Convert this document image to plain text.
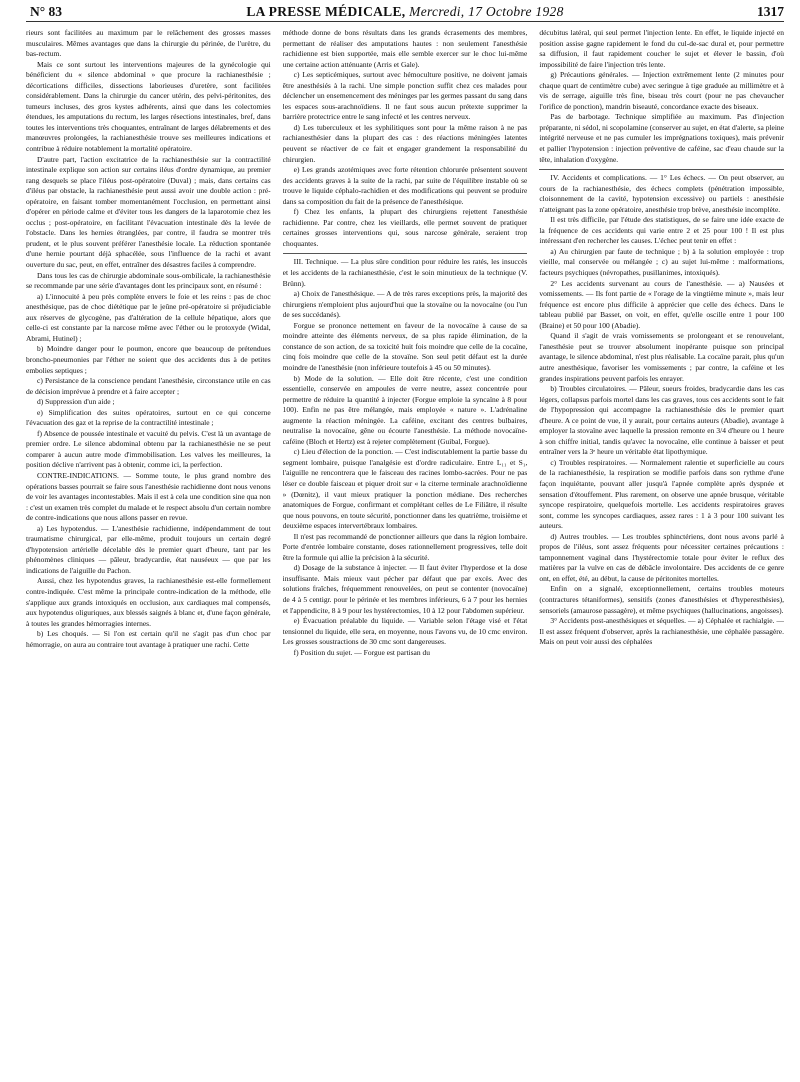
N° 83	LA PRESSE MÉDICALE, Mercredi, 17 Octobre 1928	1317

rieurs sont facilitées au maximum par le relâchement des grosses masses musculaires. Mêmes avantages que dans la chirurgie du périnée, de l'urètre, du bas-rectum.

Mais ce sont surtout les interventions majeures de la gynécologie qui bénéficient du « silence abdominal » que procure la rachianesthésie ; décortications difficiles, dissections laborieuses d'uretère, sont facilitées considérablement. Dans la chirurgie du cancer utérin, des pelvi-péritonites, des tumeurs incluses, des gros kystes adhérents, ainsi que dans les colectomies étendues, les amputations du rectum, les larges résections intestinales, bref, dans toutes les interventions très choquantes, entraînant de larges délabrements et des manœuvres prolongées, la rachianesthésie trouve ses meilleures indications et contribue à réduire notablement la mortalité opératoire.

D'autre part, l'action excitatrice de la rachianesthésie sur la contractilité intestinale explique son action sur certains iléus d'ordre dynamique, au premier rang desquels se place l'iléus post-opératoire (Duval) ; mais, dans certains cas d'iléus par obstacle, la rachianesthésie peut aussi avoir une double action : pré-opératoire, en faisant tomber momentanément l'occlusion, en permettant ainsi d'opérer en période calme et d'éviter tous les dangers de la laparotomie chez les occlus ; post-opératoire, en facilitant l'évacuation intestinale dès la levée de l'obstacle. Dans les hernies étranglées, par contre, il faudra se montrer très prudent, et le plus souvent préférer l'anesthésie locale. La réduction spontanée d'une hernie pourtant déjà sphacélée, sous l'influence de la rachi et avant ouverture du sac, peut, en effet, entraîner des désastres faciles à comprendre.

Dans tous les cas de chirurgie abdominale sous-ombilicale, la rachianesthésie se recommande par une série d'avantages dont les principaux sont, en résumé :

a) L'innocuité à peu près complète envers le foie et les reins : pas de choc anesthésique, pas de choc diététique par le jeûne pré-opératoire si préjudiciable aux réserves de glycogène, pas d'altération de la cellule hépatique, alors que celle-ci est constante par la narcose même avec l'éther ou le protoxyde (Widal, Abrami, Hutinel) ;

b) Moindre danger pour le poumon, encore que beaucoup de prétendues broncho-pneumonies par l'éther ne soient que des accidents dus à de petites embolies septiques ;

c) Persistance de la conscience pendant l'anesthésie, circonstance utile en cas de décision imprévue à prendre et à faire accepter ;

d) Suppression d'un aide ;

e) Simplification des suites opératoires, surtout en ce qui concerne l'évacuation des gaz et la reprise de la contractilité intestinale ;

f) Absence de poussée intestinale et vacuité du pelvis. C'est là un avantage de premier ordre. Le silence abdominal obtenu par la rachianesthésie ne se peut comparer à aucun autre mode d'immobilisation. Les valves les meilleures, la position déclive n'arrivent pas à obtenir, comme ici, la perfection.

CONTRE-INDICATIONS. — Somme toute, le plus grand nombre des opérations basses pourrait se faire sous l'anesthésie rachidienne dont nous venons de voir les avantages incontestables. Mais il est à cela une condition sine qua non : c'est un examen très complet du malade et le respect absolu d'un certain nombre de contre-indications que nous allons passer en revue.

a) Les hypotendus. — L'anesthésie rachidienne, indépendamment de tout traumatisme chirurgical, par elle-même, produit toujours un certain degré d'hypotension artérielle décelable dès le premier quart d'heure, tant par les phénomènes cliniques — pâleur, bradycardie, état nauséeux — que par les indications de l'aiguille du Pachon.

Aussi, chez les hypotendus graves, la rachianesthésie est-elle formellement contre-indiquée. C'est même la principale contre-indication de la méthode, elle s'applique aux grands intoxiqués en occlusion, aux cardiaques mal compensés, aux hypotendus oliguriques, aux blessés saignés à blanc et, d'une façon générale, à toutes les grandes hémorragies internes.

b) Les choqués. — Si l'on est certain qu'il ne s'agit pas d'un choc par hémorragie, on aura au contraire tout avantage à pratiquer une rachi. Cette

méthode donne de bons résultats dans les grands écrasements des membres, permettant de réaliser des amputations hautes : non seulement l'anesthésie rachidienne est bien supportée, mais elle semble exercer sur le choc lui-même une certaine action atténuante (Arris et Gale).

c) Les septicémiques, surtout avec hémoculture positive, ne doivent jamais être anesthésiés à la rachi. Une simple ponction suffit chez ces malades pour déclencher un ensemencement des méninges par les germes passant du sang dans les espaces sous-arachnoïdiens. Il ne faut sous aucun prétexte supprimer la barrière protectrice entre le sang infecté et les centres nerveux.

d) Les tuberculeux et les syphilitiques sont pour la même raison à ne pas rachianesthésier dans la plupart des cas : des réactions méningées latentes peuvent se réactiver de ce fait et engager grandement la responsabilité du chirurgien.

e) Les grands azotémiques avec forte rétention chlorurée présentent souvent des accidents graves à la suite de la rachi, par suite de l'équilibre instable où se trouve le liquide céphalo-rachidien et des modifications qui peuvent se produire dans sa composition du fait de la présence de l'anesthésique.

f) Chez les enfants, la plupart des chirurgiens rejettent l'anesthésie rachidienne. Par contre, chez les vieillards, elle permet souvent de pratiquer certaines grosses interventions qui, sous narcose générale, seraient trop choquantes.

III. Technique. — La plus sûre condition pour réduire les ratés, les insuccès et les accidents de la rachianesthésie, c'est le soin minutieux de la technique (V. Brünn).

a) Choix de l'anesthésique. — A de très rares exceptions près, la majorité des chirurgiens n'emploient plus aujourd'hui que la stovaïne ou la novocaïne (ou l'un de ses succédanés).

Forgue se prononce nettement en faveur de la novocaïne à cause de sa moindre atteinte des éléments nerveux, de sa plus rapide élimination, de la constance de son action, de sa toxicité huit fois moindre que celle de la cocaïne, cinq fois moindre que celle de la stovaïne. Son seul petit défaut est la durée moindre de l'anesthésie (non inférieure toutefois à 45 ou 50 minutes).

b) Mode de la solution. — Elle doit être récente, c'est une condition essentielle, conservée en ampoules de verre neutre, assez concentrée pour permettre de réduire la quantité à injecter (Forgue emploie la syncaïne à 8 pour 100). Enfin ne pas être mélangée, mais employée « nature ». L'adrénaline augmente la réaction méningée. La caféine, excitant des centres bulbaires, neutralise la novocaïne, gêne ou écourte l'anesthésie. La méthode novocaïne-caféine (Bloch et Hertz) est à rejeter complètement (Guibal, Forgue).

c) Lieu d'élection de la ponction. — C'est indiscutablement la partie basse du segment lombaire, puisque l'analgésie est d'ordre radiculaire. Entre L₁₁ et S₁, l'aiguille ne rencontrera que le faisceau des racines lombo-sacrées. Pour ne pas léser ce double faisceau et piquer droit sur « la citerne terminale arachnoïdienne » (Dœnitz), il vaut mieux pratiquer la ponction médiane. Des recherches anatomiques de Forgue, confirmant et complétant celles de Le Filiâtre, il résulte que nous pouvons, en toute sécurité, ponctionner dans les quatrième, troisième et deuxième espaces intervertébraux lombaires.

Il n'est pas recommandé de ponctionner ailleurs que dans la région lombaire. Porte d'entrée lombaire constante, doses rationnellement progressives, telle doit être la formule qui allie la précision à la sécurité.

d) Dosage de la substance à injecter. — Il faut éviter l'hyperdose et la dose insuffisante. Mais mieux vaut pécher par défaut que par excès. Avec des solutions fraîches, fréquemment renouvelées, on peut se contenter (novocaïne) de 4 à 5 centigr. pour le périnée et les membres inférieurs, 6 à 7 pour les hernies et l'appendicite, 8 à 9 pour les hystérectomies, 10 à 12 pour l'abdomen supérieur.

e) Évacuation préalable du liquide. — Variable selon l'étage visé et l'état tensionnel du liquide, elle sera, en moyenne, nous l'avons vu, de 10 cmc environ. Les grosses soustractions de 30 cmc sont dangereuses.

f) Position du sujet. — Forgue est partisan du

décubitus latéral, qui seul permet l'injection lente. En effet, le liquide injecté en position assise gagne rapidement le fond du cul-de-sac dural et, pour permettre sa diffusion, il faut rapidement coucher le sujet et élever le bassin, d'où impossibilité de faire l'injection très lente.

g) Précautions générales. — Injection extrêmement lente (2 minutes pour chaque quart de centimètre cube) avec seringue à tige graduée au millimètre et à vis de serrage, aiguille très fine, biseau très court (pour ne pas chevaucher l'orifice de ponction), mandrin biseauté, concordance exacte des biseaux.

Pas de barbotage. Technique simplifiée au maximum. Pas d'injection préparante, ni sédol, ni scopolamine (conserver au sujet, en état d'alerte, sa pleine intégrité nerveuse et ne pas cumuler les imprégnations toxiques), mais prévenir et pallier l'hypotension : injection préventive de caféine, sac d'eau chaude sur la tête, inhalation d'oxygène.

IV. Accidents et complications. — 1° Les échecs. — On peut observer, au cours de la rachianesthésie, des échecs complets (pénétration impossible, cloisonnement de la cavité, hypotension excessive) ou partiels : anesthésie n'atteignant pas la zone opératoire, anesthésie trop brève, anesthésie incomplète.

Il est très difficile, par l'étude des statistiques, de se faire une idée exacte de la fréquence de ces accidents qui varie entre 2 et 25 pour 100 ! Il est plus intéressant d'en rechercher les causes. L'échec peut tenir en effet :

a) Au chirurgien par faute de technique ; b) à la solution employée : trop vieille, mal conservée ou mélangée ; c) au sujet lui-même : malformations, facteurs psychiques (névropathes, pusillanimes, intoxiqués).

2° Les accidents survenant au cours de l'anesthésie. — a) Nausées et vomissements. — Ils font partie de « l'orage de la vingtième minute », mais leur fréquence est encore plus difficile à apprécier que celle des échecs. Dans le tableau publié par Basset, on voit, en effet, qu'elle oscille entre 1 pour 100 (Braine) et 50 pour 100 (Abadie).

Quand il s'agit de vrais vomissements se prolongeant et se renouvelant, l'anesthésie peut se trouver absolument inopérante puisque son principal avantage, le silence abdominal, n'est plus réalisable. La cocaïne parait, plus qu'un autre anesthésique, favoriser les vomissements ; par contre, la caféine et les grandes inspirations peuvent parfois les enrayer.

b) Troubles circulatoires. — Pâleur, sueurs froides, bradycardie dans les cas légers, collapsus parfois mortel dans les cas graves, tous ces accidents sont le fait de l'hypopression qui accompagne la rachianesthésie dès le premier quart d'heure. A ce point de vue, il y aurait, pour certains auteurs (Abadie), avantage à employer la stovaïne avec laquelle la pression remonte en 3/4 d'heure ou 1 heure à son chiffre initial, tandis qu'avec la novocaïne, elle continue à baisser et peut entraîner vers la 3ᵉ heure un véritable état lipothymique.

c) Troubles respiratoires. — Normalement ralentie et superficielle au cours de la rachianesthésie, la respiration se modifie parfois dans son rythme d'une façon inquiétante, pouvant aller jusqu'à l'apnée complète après dyspnée et sensation d'étouffement. Plus rarement, on observe une apnée brusque, véritable syncope respiratoire, quelquefois mortelle. Les accidents respiratoires graves sont, comme les syncopes cardiaques, assez rares : 1 à 3 pour 100 suivant les auteurs.

d) Autres troubles. — Les troubles sphinctériens, dont nous avons parlé à propos de l'iléus, sont assez fréquents pour nécessiter certaines précautions : tamponnement vaginal dans l'hystérectomie totale pour éviter le reflux des matières par la vulve en cas de débâcle involontaire. Des accidents de ce genre ont, en effet, été, au début, la cause de péritonites mortelles.

Enfin on a signalé, exceptionnellement, certains troubles moteurs (contractures tétaniformes), sensitifs (zones d'anesthésies et d'hyperesthésies), sensoriels (amaurose passagère), et même psychiques (hallucinations, angoisses).

3° Accidents post-anesthésiques et séquelles. — a) Céphalée et rachialgie. — Il est assez fréquent d'observer, après la rachianesthésie, une céphalée passagère. Mais on peut voir aussi des céphalées
